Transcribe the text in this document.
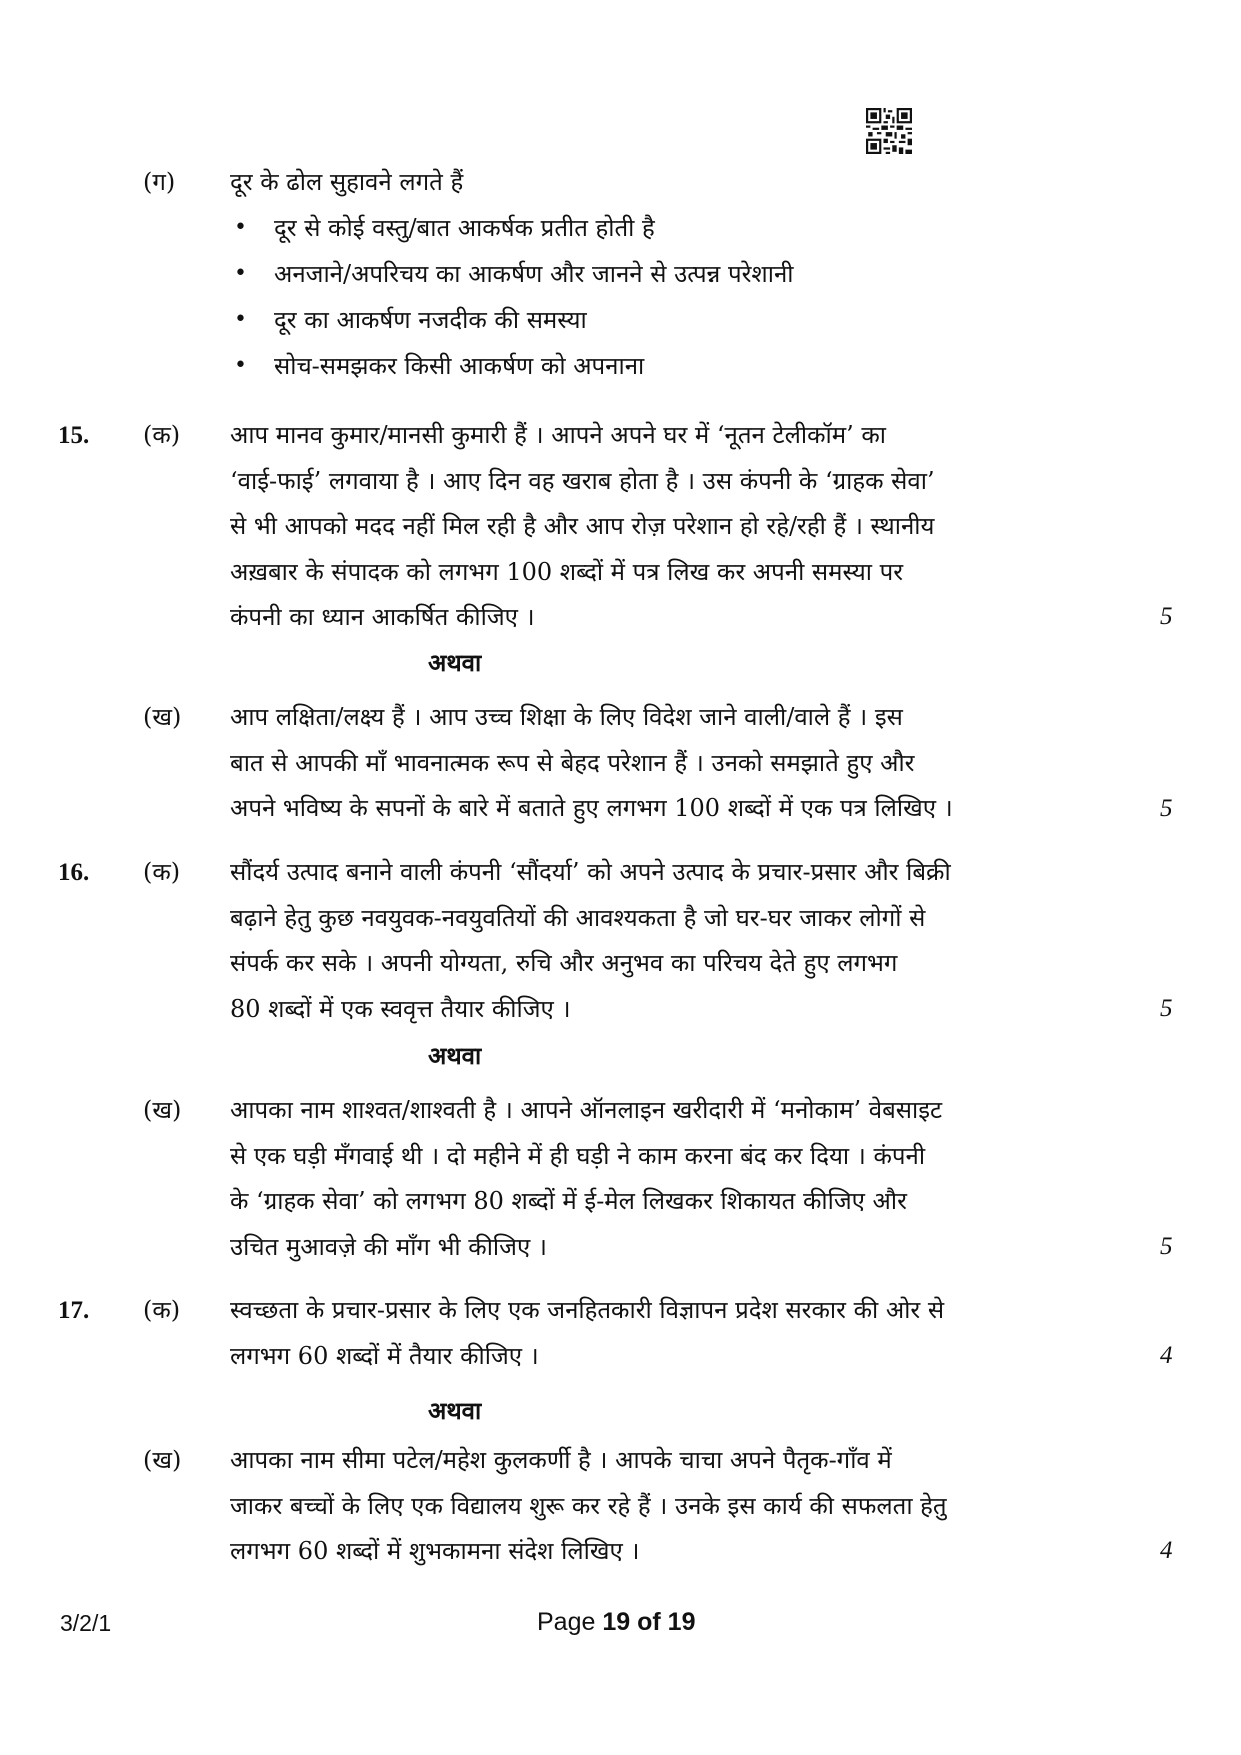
(ग) दूर के ढोल सुहावने लगते हैं
• दूर से कोई वस्तु/बात आकर्षक प्रतीत होती है
• अनजाने/अपरिचय का आकर्षण और जानने से उत्पन्न परेशानी
• दूर का आकर्षण नजदीक की समस्या
• सोच-समझकर किसी आकर्षण को अपनाना
15. (क) आप मानव कुमार/मानसी कुमारी हैं । आपने अपने घर में ‘नूतन टेलीकॉम’ का
‘वाई-फाई’ लगवाया है । आए दिन वह खराब होता है । उस कंपनी के ‘ग्राहक सेवा’
से भी आपको मदद नहीं मिल रही है और आप रोज़ परेशान हो रहे/रही हैं । स्थानीय
अख़बार के संपादक को लगभग 100 शब्दों में पत्र लिख कर अपनी समस्या पर
कंपनी का ध्यान आकर्षित कीजिए ।	5
अथवा
(ख) आप लक्षिता/लक्ष्य हैं । आप उच्च शिक्षा के लिए विदेश जाने वाली/वाले हैं । इस
बात से आपकी माँ भावनात्मक रूप से बेहद परेशान हैं । उनको समझाते हुए और
अपने भविष्य के सपनों के बारे में बताते हुए लगभग 100 शब्दों में एक पत्र लिखिए ।	5
16. (क) सौंदर्य उत्पाद बनाने वाली कंपनी ‘सौंदर्या’ को अपने उत्पाद के प्रचार-प्रसार और बिक्री
बढ़ाने हेतु कुछ नवयुवक-नवयुवतियों की आवश्यकता है जो घर-घर जाकर लोगों से
संपर्क कर सके । अपनी योग्यता, रुचि और अनुभव का परिचय देते हुए लगभग
80 शब्दों में एक स्ववृत्त तैयार कीजिए ।	5
अथवा
(ख) आपका नाम शाश्वत/शाश्वती है । आपने ऑनलाइन खरीदारी में ‘मनोकाम’ वेबसाइट
से एक घड़ी मँगवाई थी । दो महीने में ही घड़ी ने काम करना बंद कर दिया । कंपनी
के ‘ग्राहक सेवा’ को लगभग 80 शब्दों में ई-मेल लिखकर शिकायत कीजिए और
उचित मुआवज़े की माँग भी कीजिए ।	5
17. (क) स्वच्छता के प्रचार-प्रसार के लिए एक जनहितकारी विज्ञापन प्रदेश सरकार की ओर से
लगभग 60 शब्दों में तैयार कीजिए ।	4
अथवा
(ख) आपका नाम सीमा पटेल/महेश कुलकर्णी है । आपके चाचा अपने पैतृक-गाँव में
जाकर बच्चों के लिए एक विद्यालय शुरू कर रहे हैं । उनके इस कार्य की सफलता हेतु
लगभग 60 शब्दों में शुभकामना संदेश लिखिए ।	4
3/2/1	Page 19 of 19
